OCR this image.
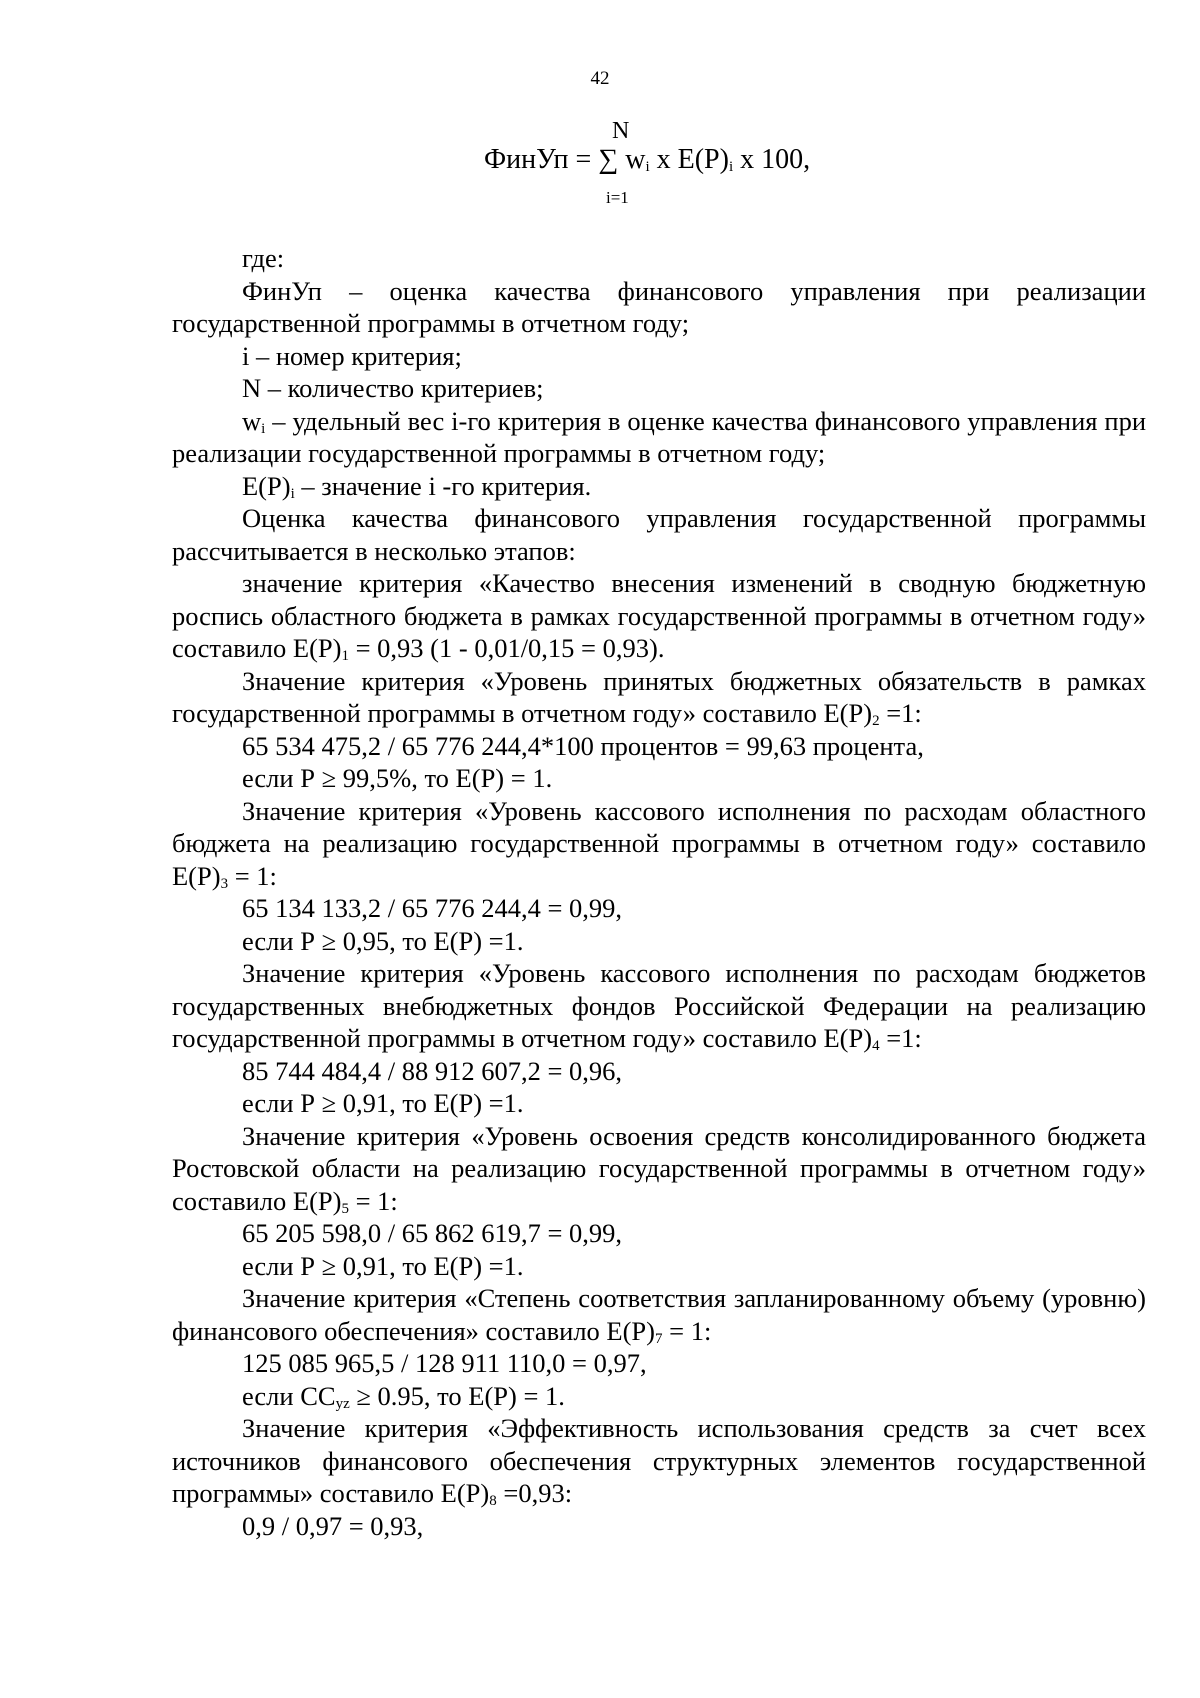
42
N
ФинУп = ∑ $w_i$ х $Е(Р)_i$ х 100,
i=1

где:

ФинУп – оценка качества финансового управления при реализации государственной программы в отчетном году;

i – номер критерия;

N – количество критериев;

$w_i$ – удельный вес i-го критерия в оценке качества финансового управления при реализации государственной программы в отчетном году;

$Е(Р)_i$ – значение i -го критерия.

Оценка качества финансового управления государственной программы рассчитывается в несколько этапов:

значение критерия «Качество внесения изменений в сводную бюджетную роспись областного бюджета в рамках государственной программы в отчетном году» составило $Е(Р)_1 = 0,93$ (1 - 0,01/0,15 = 0,93).

Значение критерия «Уровень принятых бюджетных обязательств в рамках государственной программы в отчетном году» составило $Е(Р)_2 =1$:

65 534 475,2 / 65 776 244,4*100 процентов = 99,63 процента,

если Р ≥ 99,5%, то Е(Р) = 1.

Значение критерия «Уровень кассового исполнения по расходам областного бюджета на реализацию государственной программы в отчетном году» составило $Е(Р)_3 = 1$:

65 134 133,2 / 65 776 244,4 = 0,99,

если Р ≥ 0,95, то Е(Р) =1.

Значение критерия «Уровень кассового исполнения по расходам бюджетов государственных внебюджетных фондов Российской Федерации на реализацию государственной программы в отчетном году» составило $Е(Р)_4 =1$:

85 744 484,4 / 88 912 607,2 = 0,96,

если Р ≥ 0,91, то Е(Р) =1.

Значение критерия «Уровень освоения средств консолидированного бюджета Ростовской области на реализацию государственной программы в отчетном году» составило $Е(Р)_5 = 1$:

65 205 598,0 / 65 862 619,7 = 0,99,

если Р ≥ 0,91, то Е(Р) =1.

Значение критерия «Степень соответствия запланированному объему (уровню) финансового обеспечения» составило $Е(Р)_7 = 1$:

125 085 965,5 / 128 911 110,0 = 0,97,

если $СС_{yz} \ge 0.95$, то Е(Р) = 1.

Значение критерия «Эффективность использования средств за счет всех источников финансового обеспечения структурных элементов государственной программы» составило $Е(Р)_8 =0,93$:

0,9 / 0,97 = 0,93,
